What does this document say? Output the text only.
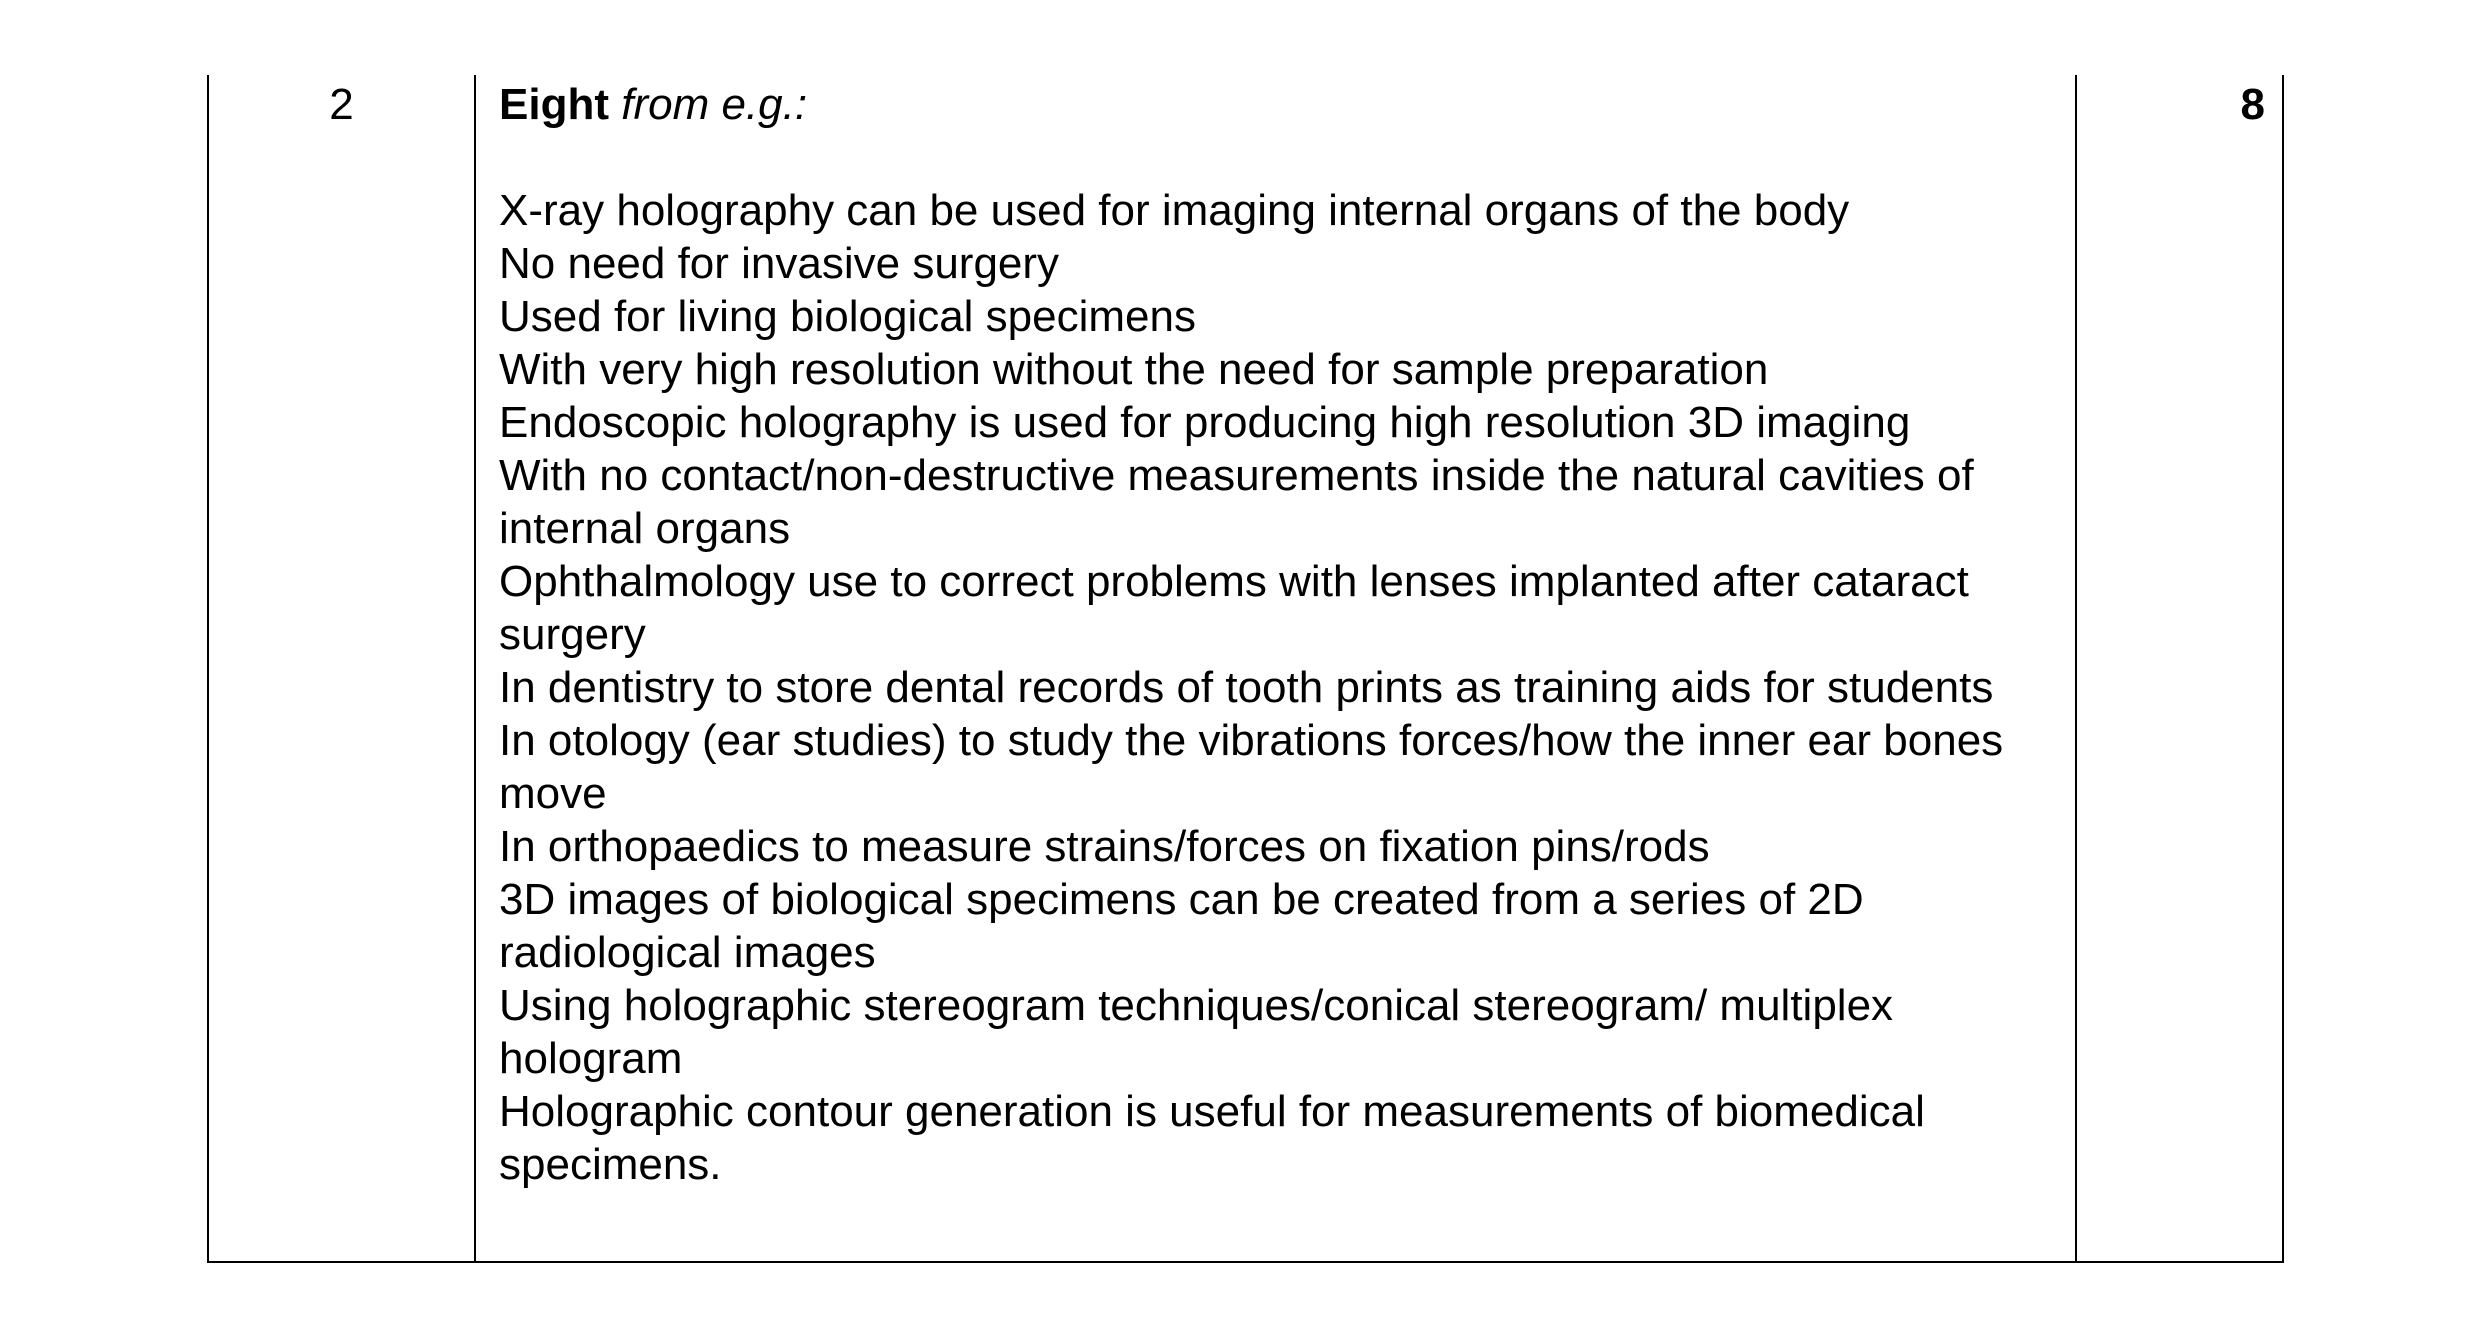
2	Eight from e.g.:

X-ray holography can be used for imaging internal organs of the body
No need for invasive surgery
Used for living biological specimens
With very high resolution without the need for sample preparation
Endoscopic holography is used for producing high resolution 3D imaging
With no contact/non-destructive measurements inside the natural cavities of internal organs
Ophthalmology use to correct problems with lenses implanted after cataract surgery
In dentistry to store dental records of tooth prints as training aids for students
In otology (ear studies) to study the vibrations forces/how the inner ear bones move
In orthopaedics to measure strains/forces on fixation pins/rods
3D images of biological specimens can be created from a series of 2D radiological images
Using holographic stereogram techniques/conical stereogram/ multiplex hologram
Holographic contour generation is useful for measurements of biomedical specimens.
8
